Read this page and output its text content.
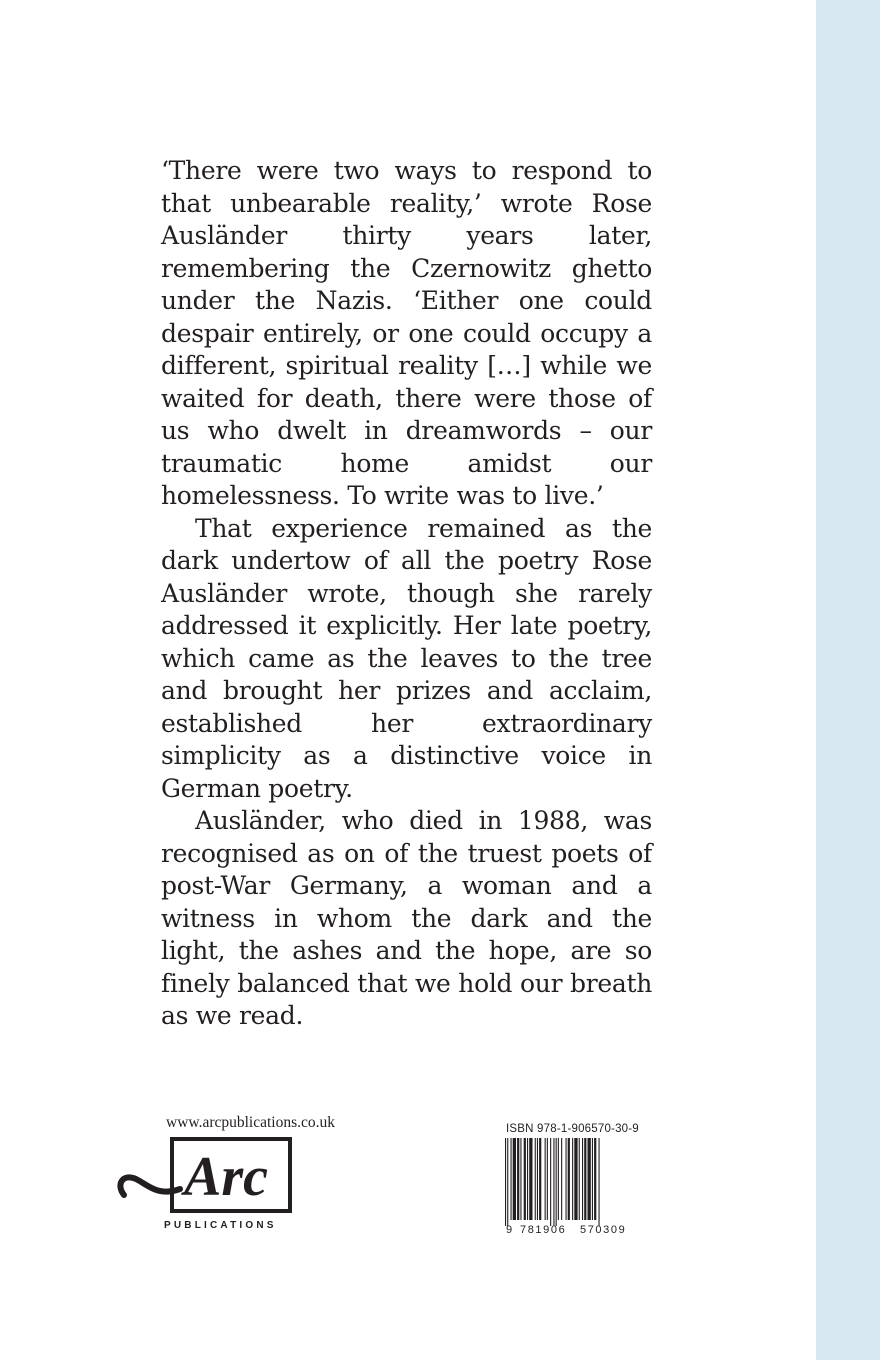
‘There were two ways to respond to that unbearable reality,’ wrote Rose Ausländer thirty years later, remembering the Czernowitz ghetto under the Nazis. ‘Either one could despair entirely, or one could occupy a different, spiritual reality […] while we waited for death, there were those of us who dwelt in dreamwords – our traumatic home amidst our homelessness. To write was to live.’

That experience remained as the dark undertow of all the poetry Rose Ausländer wrote, though she rarely addressed it explicitly. Her late poetry, which came as the leaves to the tree and brought her prizes and acclaim, established her extraordinary simplicity as a distinctive voice in German poetry.

Ausländer, who died in 1988, was recognised as on of the truest poets of post-War Germany, a woman and a witness in whom the dark and the light, the ashes and the hope, are so finely balanced that we hold our breath as we read.

www.arcpublications.co.uk
Arc
PUBLICATIONS
ISBN 978-1-906570-30-9
9 781906	570309
